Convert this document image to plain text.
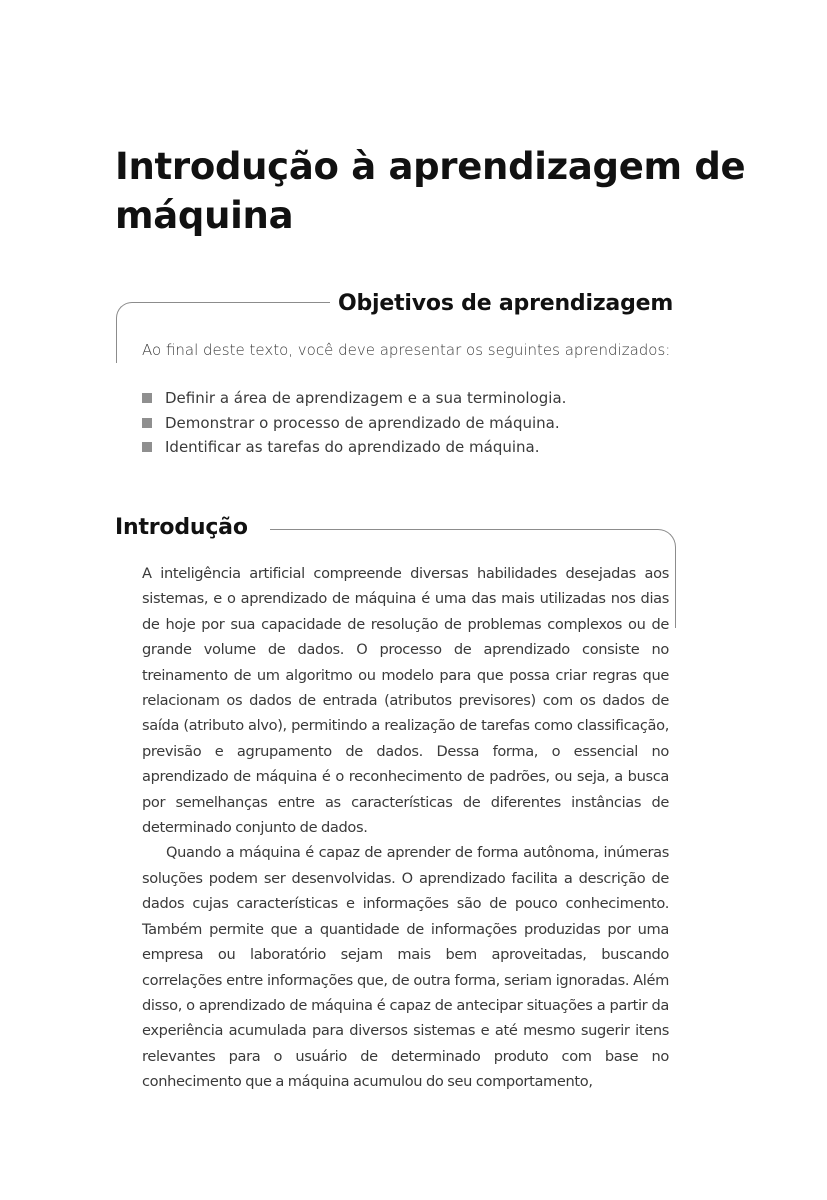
Introdução à aprendizagem de máquina
Objetivos de aprendizagem

Ao final deste texto, você deve apresentar os seguintes aprendizados:

Definir a área de aprendizagem e a sua terminologia.
Demonstrar o processo de aprendizado de máquina.
Identificar as tarefas do aprendizado de máquina.
Introdução

A inteligência artificial compreende diversas habilidades desejadas aos sistemas, e o aprendizado de máquina é uma das mais utilizadas nos dias de hoje por sua capacidade de resolução de problemas complexos ou de grande volume de dados. O processo de aprendizado consiste no treinamento de um algoritmo ou modelo para que possa criar regras que relacionam os dados de entrada (atributos previsores) com os dados de saída (atributo alvo), permitindo a realização de tarefas como classificação, previsão e agrupamento de dados. Dessa forma, o essencial no aprendizado de máquina é o reconhecimento de padrões, ou seja, a busca por semelhanças entre as características de diferentes instâncias de determinado conjunto de dados.

Quando a máquina é capaz de aprender de forma autônoma, inúmeras soluções podem ser desenvolvidas. O aprendizado facilita a descrição de dados cujas características e informações são de pouco conhecimento. Também permite que a quantidade de informações produzidas por uma empresa ou laboratório sejam mais bem aproveitadas, buscando correlações entre informações que, de outra forma, seriam ignoradas. Além disso, o aprendizado de máquina é capaz de antecipar situações a partir da experiência acumulada para diversos sistemas e até mesmo sugerir itens relevantes para o usuário de determinado produto com base no conhecimento que a máquina acumulou do seu comportamento,
